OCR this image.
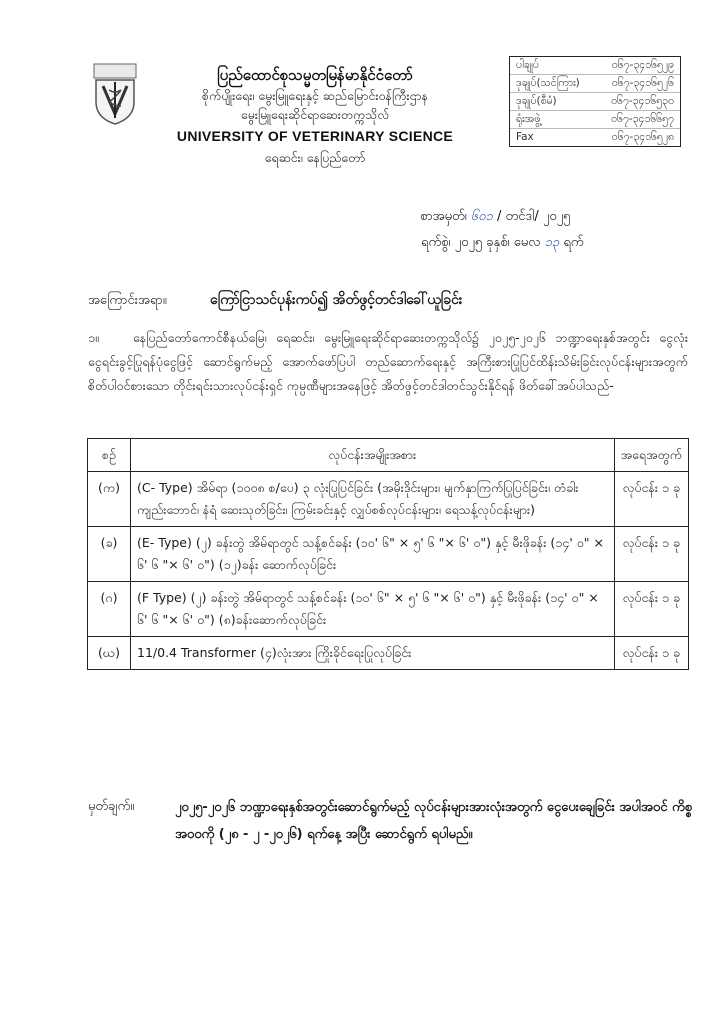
ပြည်ထောင်စုသမ္မတမြန်မာနိုင်ငံတော်
စိုက်ပျိုးရေး၊ မွေးမြူရေးနှင့် ဆည်မြောင်းဝန်ကြီးဌာန
မွေးမြူရေးဆိုင်ရာဆေးတက္ကသိုလ်
UNIVERSITY OF VETERINARY SCIENCE
ရေဆင်း၊ နေပြည်တော်
ပါချုပ်	၀၆၇-၃၄၁၆၅၂၉
ဒုချုပ်(သင်ကြား)	၀၆၇-၃၄၁၆၅၂၆
ဒုချုပ်(စီမံ)	၀၆၇-၃၄၁၆၅၃၀
ရုံးအဖွဲ့	၀၆၇-၃၄၁၆၆၅၇
Fax	၀၆၇-၃၄၁၆၅၂၈
စာအမှတ်၊ ၆၀၁ / တင်ဒါ/ ၂၀၂၅
ရက်စွဲ၊ ၂၀၂၅ ခုနှစ်၊ မေလ ၁၃ ရက်
အကြောင်းအရာ။	ကြော်ငြာသင်ပုန်းကပ်၍ အိတ်ဖွင့်တင်ဒါခေါ်ယူခြင်း
၁။	နေပြည်တော်ကောင်စီနယ်မြေ၊ ရေဆင်း၊ မွေးမြူရေးဆိုင်ရာဆေးတက္ကသိုလ်၌ ၂၀၂၅-၂၀၂၆ ဘဏ္ဍာရေးနှစ်အတွင်း ငွေလုံးငွေရင်းခွင့်ပြုရန်ပုံငွေဖြင့် ဆောင်ရွက်မည့် အောက်ဖော်ပြပါ တည်ဆောက်ရေးနှင့် အကြီးစားပြုပြင်ထိန်းသိမ်းခြင်းလုပ်ငန်းများအတွက် စိတ်ပါဝင်စားသော တိုင်းရင်းသားလုပ်ငန်းရှင် ကုမ္ပဏီများအနေဖြင့် အိတ်ဖွင့်တင်ဒါတင်သွင်းနိုင်ရန် ဖိတ်ခေါ်အပ်ပါသည်-
စဉ်	လုပ်ငန်းအမျိုးအစား	အရေအတွက်
(က)	(C- Type) အိမ်ရာ (၁၀၀၈ စ/ပေ) ၃ လုံးပြုပြင်ခြင်း (အမိုးဒိုင်းများ၊ မျက်နှာကြက်ပြုပြင်ခြင်း၊ တံခါးကျည်းဘောင်၊ နံရံ ဆေးသုတ်ခြင်း၊ ကြမ်းခင်းနှင့် လျှပ်စစ်လုပ်ငန်းများ၊ ရေသန့်လုပ်ငန်းများ)	လုပ်ငန်း ၁ ခု
(ခ)	(E- Type) (၂) ခန်းတွဲ အိမ်ရာတွင် သန့်စင်ခန်း (၁၀' ၆" × ၅' ၆ "× ၆' ၀") နှင့် မီးဖိုခန်း (၁၄' ၀" × ၆' ၆ "× ၆' ၀") (၁၂)ခန်း ဆောက်လုပ်ခြင်း	လုပ်ငန်း ၁ ခု
(ဂ)	(F Type) (၂) ခန်းတွဲ အိမ်ရာတွင် သန့်စင်ခန်း (၁၀' ၆" × ၅' ၆ "× ၆' ၀") နှင့် မီးဖိုခန်း (၁၄' ၀" × ၆' ၆ "× ၆' ၀") (၈)ခန်းဆောက်လုပ်ခြင်း	လုပ်ငန်း ၁ ခု
(ဃ)	11/0.4 Transformer (၄)လုံးအား ကြိုးခိုင်ရေးပြုလုပ်ခြင်း	လုပ်ငန်း ၁ ခု
မှတ်ချက်။	၂၀၂၅-၂၀၂၆ ဘဏ္ဍာရေးနှစ်အတွင်းဆောင်ရွက်မည့် လုပ်ငန်းများအားလုံးအတွက် ငွေပေးချေခြင်း အပါအဝင် ကိစ္စအဝဝကို (၂၈ - ၂ -၂၀၂၆) ရက်နေ့ အပြီး ဆောင်ရွက် ရပါမည်။
